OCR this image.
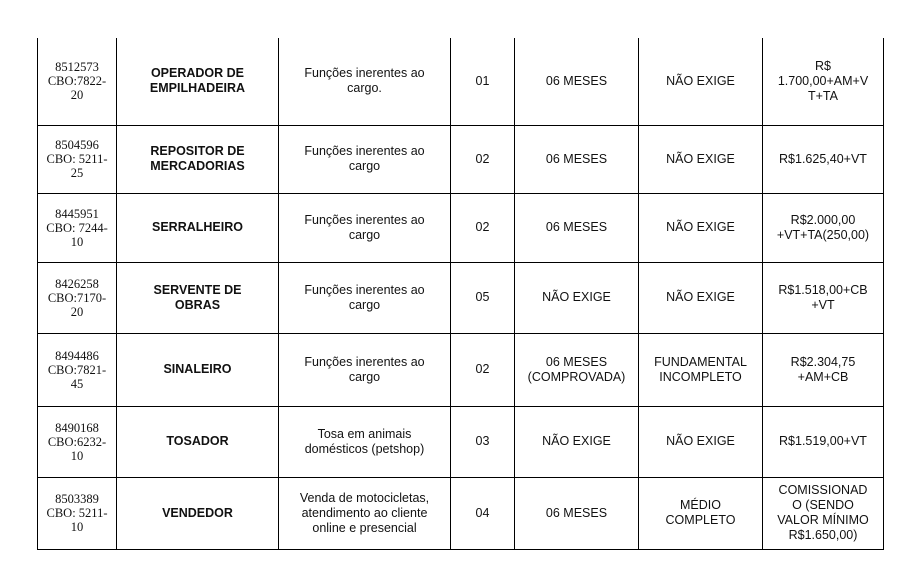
8512573
CBO:7822-
20	OPERADOR DE
EMPILHADEIRA	Funções inerentes ao
cargo.	01	06 MESES	NÃO EXIGE	R$
1.700,00+AM+V
T+TA
8504596
CBO: 5211-
25	REPOSITOR DE
MERCADORIAS	Funções inerentes ao
cargo	02	06 MESES	NÃO EXIGE	R$1.625,40+VT
8445951
CBO: 7244-
10	SERRALHEIRO	Funções inerentes ao
cargo	02	06 MESES	NÃO EXIGE	R$2.000,00
+VT+TA(250,00)
8426258
CBO:7170-
20	SERVENTE DE
OBRAS	Funções inerentes ao
cargo	05	NÃO EXIGE	NÃO EXIGE	R$1.518,00+CB
+VT
8494486
CBO:7821-
45	SINALEIRO	Funções inerentes ao
cargo	02	06 MESES
(COMPROVADA)	FUNDAMENTAL
INCOMPLETO	R$2.304,75
+AM+CB
8490168
CBO:6232-
10	TOSADOR	Tosa em animais
domésticos (petshop)	03	NÃO EXIGE	NÃO EXIGE	R$1.519,00+VT
8503389
CBO: 5211-
10	VENDEDOR	Venda de motocicletas,
atendimento ao cliente
online e presencial	04	06 MESES	MÉDIO
COMPLETO	COMISSIONAD
O (SENDO
VALOR MÍNIMO
R$1.650,00)
